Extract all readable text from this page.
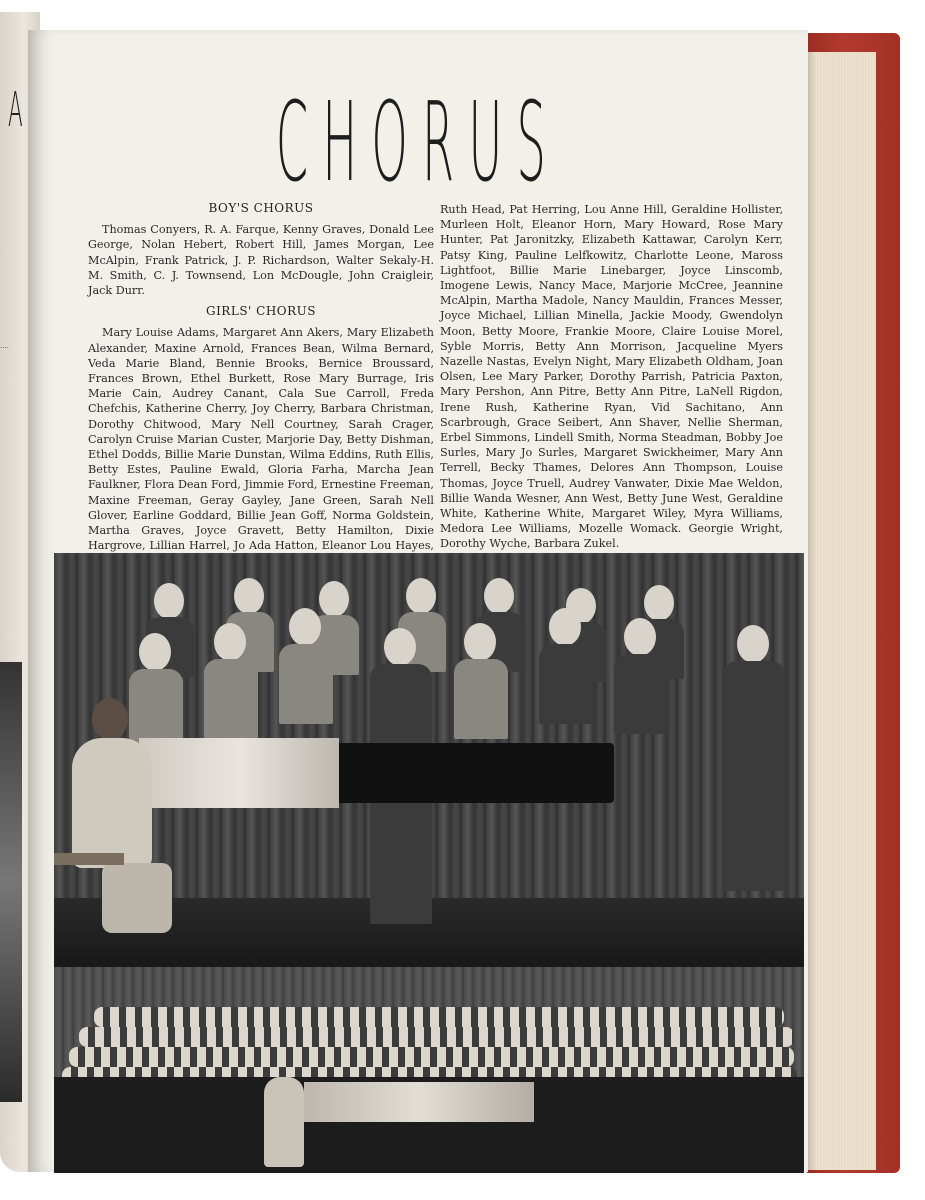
A
....
CHORUS
BOY'S CHORUS

Thomas Conyers, R. A. Farque, Kenny Graves, Donald Lee George, Nolan Hebert, Robert Hill, James Morgan, Lee McAlpin, Frank Patrick, J. P. Richardson, Walter Sekaly-H. M. Smith, C. J. Townsend, Lon McDougle, John Craigleir, Jack Durr.

GIRLS' CHORUS

Mary Louise Adams, Margaret Ann Akers, Mary Elizabeth Alexander, Maxine Arnold, Frances Bean, Wilma Bernard, Veda Marie Bland, Bennie Brooks, Bernice Broussard, Frances Brown, Ethel Burkett, Rose Mary Burrage, Iris Marie Cain, Audrey Canant, Cala Sue Carroll, Freda Chefchis, Katherine Cherry, Joy Cherry, Barbara Christman, Dorothy Chitwood, Mary Nell Courtney, Sarah Crager, Carolyn Cruise Marian Custer, Marjorie Day, Betty Dishman, Ethel Dodds, Billie Marie Dunstan, Wilma Eddins, Ruth Ellis, Betty Estes, Pauline Ewald, Gloria Farha, Marcha Jean Faulkner, Flora Dean Ford, Jimmie Ford, Ernestine Freeman, Maxine Freeman, Geray Gayley, Jane Green, Sarah Nell Glover, Earline Goddard, Billie Jean Goff, Norma Goldstein, Martha Graves, Joyce Gravett, Betty Hamilton, Dixie Hargrove, Lillian Harrel, Jo Ada Hatton, Eleanor Lou Hayes,

Ruth Head, Pat Herring, Lou Anne Hill, Geraldine Hollister, Murleen Holt, Eleanor Horn, Mary Howard, Rose Mary Hunter, Pat Jaronitzky, Elizabeth Kattawar, Carolyn Kerr, Patsy King, Pauline Lelfkowitz, Charlotte Leone, Maross Lightfoot, Billie Marie Linebarger, Joyce Linscomb, Imogene Lewis, Nancy Mace, Marjorie McCree, Jeannine McAlpin, Martha Madole, Nancy Mauldin, Frances Messer, Joyce Michael, Lillian Minella, Jackie Moody, Gwendolyn Moon, Betty Moore, Frankie Moore, Claire Louise Morel, Syble Morris, Betty Ann Morrison, Jacqueline Myers Nazelle Nastas, Evelyn Night, Mary Elizabeth Oldham, Joan Olsen, Lee Mary Parker, Dorothy Parrish, Patricia Paxton, Mary Pershon, Ann Pitre, Betty Ann Pitre, LaNell Rigdon, Irene Rush, Katherine Ryan, Vid Sachitano, Ann Scarbrough, Grace Seibert, Ann Shaver, Nellie Sherman, Erbel Simmons, Lindell Smith, Norma Steadman, Bobby Joe Surles, Mary Jo Surles, Margaret Swickheimer, Mary Ann Terrell, Becky Thames, Delores Ann Thompson, Louise Thomas, Joyce Truell, Audrey Vanwater, Dixie Mae Weldon, Billie Wanda Wesner, Ann West, Betty June West, Geraldine White, Katherine White, Margaret Wiley, Myra Williams, Medora Lee Williams, Mozelle Womack. Georgie Wright, Dorothy Wyche, Barbara Zukel.
